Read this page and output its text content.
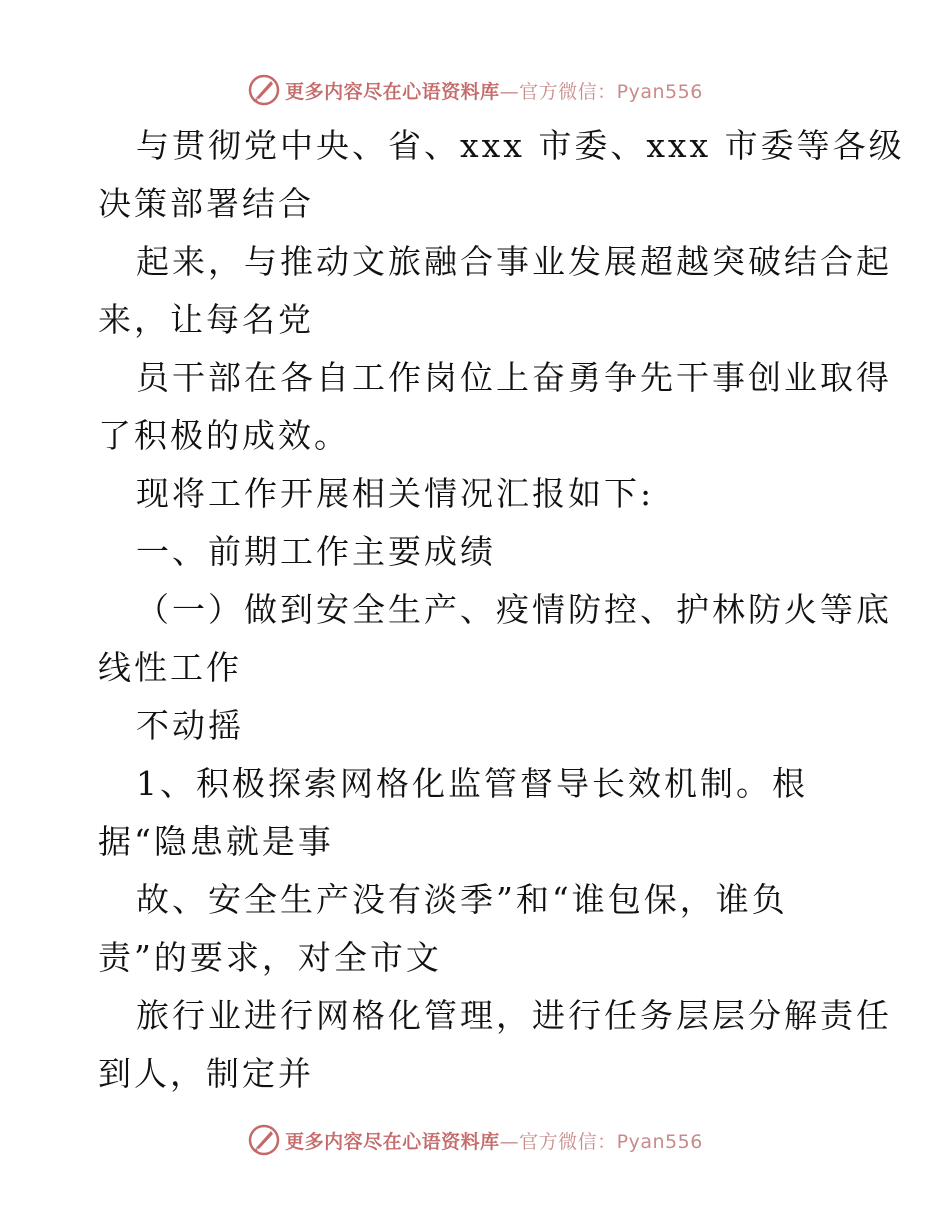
更多内容尽在心语资料库 —官方微信：Pyan556
与贯彻党中央、省、xxx 市委、xxx 市委等各级
决策部署结合
起来，与推动文旅融合事业发展超越突破结合起
来，让每名党
员干部在各自工作岗位上奋勇争先干事创业取得
了积极的成效。
现将工作开展相关情况汇报如下:
一、前期工作主要成绩
（一）做到安全生产、疫情防控、护林防火等底
线性工作
不动摇
1、积极探索网格化监管督导长效机制。根
据“隐患就是事
故、安全生产没有淡季”和“谁包保，谁负
责”的要求，对全市文
旅行业进行网格化管理，进行任务层层分解责任
到人，制定并
更多内容尽在心语资料库 —官方微信：Pyan556
